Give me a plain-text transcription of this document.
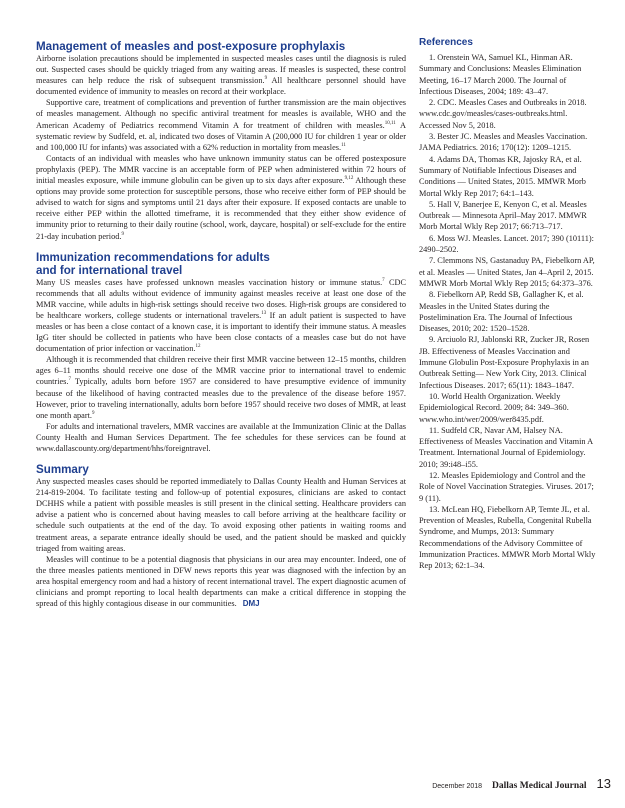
Management of measles and post-exposure prophylaxis

Airborne isolation precautions should be implemented in suspected measles cases until the diagnosis is ruled out. Suspected cases should be quickly triaged from any waiting areas. If measles is suspected, these control measures can help reduce the risk of subsequent transmission.$^9$ All healthcare personnel should have documented evidence of immunity to measles on record at their workplace.

Supportive care, treatment of complications and prevention of further transmission are the main objectives of measles management. Although no specific antiviral treatment for measles is available, WHO and the American Academy of Pediatrics recommend Vitamin A for treatment of children with measles.$^{10,11}$ A systematic review by Sudfeld, et. al, indicated two doses of Vitamin A (200,000 IU for children 1 year or older and 100,000 IU for infants) was associated with a 62% reduction in mortality from measles.$^{11}$

Contacts of an individual with measles who have unknown immunity status can be offered postexposure prophylaxis (PEP). The MMR vaccine is an acceptable form of PEP when administered within 72 hours of initial measles exposure, while immune globulin can be given up to six days after exposure.$^{9,12}$ Although these options may provide some protection for susceptible persons, those who receive either form of PEP should be advised to watch for signs and symptoms until 21 days after their exposure. If exposed contacts are unable to receive either PEP within the allotted timeframe, it is recommended that they either show evidence of immunity prior to returning to their daily routine (school, work, daycare, hospital) or self-exclude for the entire 21-day incubation period.$^9$

Immunization recommendations for adults
and for international travel

Many US measles cases have professed unknown measles vaccination history or immune status.$^7$ CDC recommends that all adults without evidence of immunity against measles receive at least one dose of the MMR vaccine, while adults in high-risk settings should receive two doses. High-risk groups are considered to be healthcare workers, college students or international travelers.$^{13}$ If an adult patient is suspected to have measles or has been a close contact of a known case, it is important to identify their immune status. A measles IgG titer should be collected in patients who have been close contacts of a measles case but do not have documentation of prior infection or vaccination.$^{12}$

Although it is recommended that children receive their first MMR vaccine between 12–15 months, children ages 6–11 months should receive one dose of the MMR vaccine prior to international travel to endemic countries.$^7$ Typically, adults born before 1957 are considered to have presumptive evidence of immunity because of the likelihood of having contracted measles due to the prevalence of the disease before 1957. However, prior to traveling internationally, adults born before 1957 should receive two doses of MMR, at least one month apart.$^9$

For adults and international travelers, MMR vaccines are available at the Immunization Clinic at the Dallas County Health and Human Services Department. The fee schedules for these services can be found at www.dallascounty.org/department/hhs/foreigntravel.

Summary

Any suspected measles cases should be reported immediately to Dallas County Health and Human Services at 214-819-2004. To facilitate testing and follow-up of potential exposures, clinicians are asked to contact DCHHS while a patient with possible measles is still present in the clinical setting. Healthcare providers can advise a patient who is concerned about having measles to call before arriving at the healthcare facility or schedule such outpatients at the end of the day. To avoid exposing other patients in waiting rooms and treatment areas, a separate entrance ideally should be used, and the patient should be masked and quickly triaged from waiting areas.

Measles will continue to be a potential diagnosis that physicians in our area may encounter. Indeed, one of the three measles patients mentioned in DFW news reports this year was diagnosed with the infection by an area hospital emergency room and had a history of recent international travel. The expert diagnostic acumen of clinicians and prompt reporting to local health departments can make a critical difference in stopping the spread of this highly contagious disease in our communities. DMJ

References

1. Orenstein WA, Samuel KL, Hinman AR. Summary and Conclusions: Measles Elimination Meeting, 16–17 March 2000. The Journal of Infectious Diseases, 2004; 189: 43–47.

2. CDC. Measles Cases and Outbreaks in 2018. www.cdc.gov/measles/cases-outbreaks.html. Accessed Nov 5, 2018.

3. Bester JC. Measles and Measles Vaccination. JAMA Pediatrics. 2016; 170(12): 1209–1215.

4. Adams DA, Thomas KR, Jajosky RA, et al. Summary of Notifiable Infectious Diseases and Conditions — United States, 2015. MMWR Morb Mortal Wkly Rep 2017; 64:1–143.

5. Hall V, Banerjee E, Kenyon C, et al. Measles Outbreak — Minnesota April–May 2017. MMWR Morb Mortal Wkly Rep 2017; 66:713–717.

6. Moss WJ. Measles. Lancet. 2017; 390 (10111): 2490–2502.

7. Clemmons NS, Gastanaduy PA, Fiebelkorn AP, et al. Measles — United States, Jan 4–April 2, 2015. MMWR Morb Mortal Wkly Rep 2015; 64:373–376.

8. Fiebelkorn AP, Redd SB, Gallagher K, et al. Measles in the United States during the Postelimination Era. The Journal of Infectious Diseases, 2010; 202: 1520–1528.

9. Arciuolo RJ, Jablonski RR, Zucker JR, Rosen JB. Effectiveness of Measles Vaccination and Immune Globulin Post-Exposure Prophylaxis in an Outbreak Setting— New York City, 2013. Clinical Infectious Diseases. 2017; 65(11): 1843–1847.

10. World Health Organization. Weekly Epidemiological Record. 2009; 84: 349–360. www.who.int/wer/2009/wer8435.pdf.

11. Sudfeld CR, Navar AM, Halsey NA. Effectiveness of Measles Vaccination and Vitamin A Treatment. International Journal of Epidemiology. 2010; 39:i48–i55.

12. Measles Epidemiology and Control and the Role of Novel Vaccination Strategies. Viruses. 2017; 9 (11).

13. McLean HQ, Fiebelkorn AP, Temte JL, et al. Prevention of Measles, Rubella, Congenital Rubella Syndrome, and Mumps, 2013: Summary Recommendations of the Advisory Committee of Immunization Practices. MMWR Morb Mortal Wkly Rep 2013; 62:1–34.

December 2018 Dallas Medical Journal 13
